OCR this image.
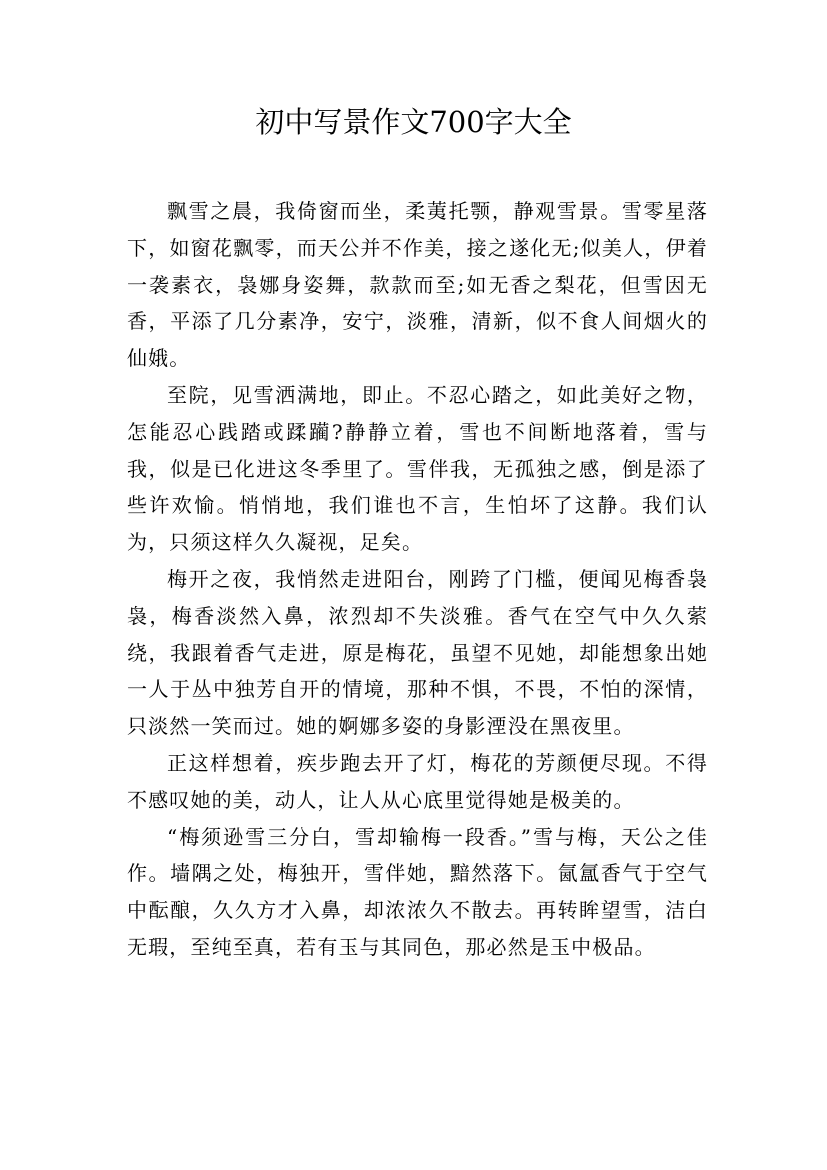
初中写景作文700字大全

飘雪之晨，我倚窗而坐，柔荑托颚，静观雪景。雪零星落下，如窗花飘零，而天公并不作美，接之遂化无;似美人，伊着一袭素衣，袅娜身姿舞，款款而至;如无香之梨花，但雪因无香，平添了几分素净，安宁，淡雅，清新，似不食人间烟火的仙娥。

至院，见雪洒满地，即止。不忍心踏之，如此美好之物，怎能忍心践踏或蹂躏?静静立着，雪也不间断地落着，雪与我，似是已化进这冬季里了。雪伴我，无孤独之感，倒是添了些许欢愉。悄悄地，我们谁也不言，生怕坏了这静。我们认为，只须这样久久凝视，足矣。

梅开之夜，我悄然走进阳台，刚跨了门槛，便闻见梅香袅袅，梅香淡然入鼻，浓烈却不失淡雅。香气在空气中久久萦绕，我跟着香气走进，原是梅花，虽望不见她，却能想象出她一人于丛中独芳自开的情境，那种不惧，不畏，不怕的深情，只淡然一笑而过。她的婀娜多姿的身影湮没在黑夜里。

正这样想着，疾步跑去开了灯，梅花的芳颜便尽现。不得不感叹她的美，动人，让人从心底里觉得她是极美的。

“梅须逊雪三分白，雪却输梅一段香。”雪与梅，天公之佳作。墙隅之处，梅独开，雪伴她，黯然落下。氤氲香气于空气中酝酿，久久方才入鼻，却浓浓久不散去。再转眸望雪，洁白无瑕，至纯至真，若有玉与其同色，那必然是玉中极品。
